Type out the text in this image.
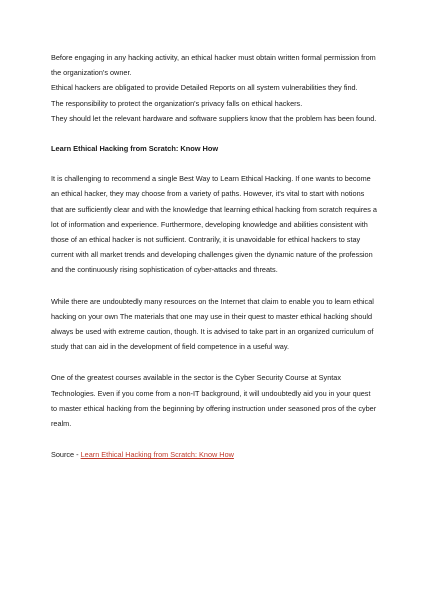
Before engaging in any hacking activity, an ethical hacker must obtain written formal permission from the organization's owner.

Ethical hackers are obligated to provide Detailed Reports on all system vulnerabilities they find.

The responsibility to protect the organization's privacy falls on ethical hackers.

They should let the relevant hardware and software suppliers know that the problem has been found.

Learn Ethical Hacking from Scratch: Know How

It is challenging to recommend a single Best Way to Learn Ethical Hacking. If one wants to become an ethical hacker, they may choose from a variety of paths. However, it's vital to start with notions that are sufficiently clear and with the knowledge that learning ethical hacking from scratch requires a lot of information and experience. Furthermore, developing knowledge and abilities consistent with those of an ethical hacker is not sufficient. Contrarily, it is unavoidable for ethical hackers to stay current with all market trends and developing challenges given the dynamic nature of the profession and the continuously rising sophistication of cyber-attacks and threats.

While there are undoubtedly many resources on the Internet that claim to enable you to learn ethical hacking on your own The materials that one may use in their quest to master ethical hacking should always be used with extreme caution, though. It is advised to take part in an organized curriculum of study that can aid in the development of field competence in a useful way.

One of the greatest courses available in the sector is the Cyber Security Course at Syntax Technologies. Even if you come from a non-IT background, it will undoubtedly aid you in your quest to master ethical hacking from the beginning by offering instruction under seasoned pros of the cyber realm.

Source - Learn Ethical Hacking from Scratch: Know How
